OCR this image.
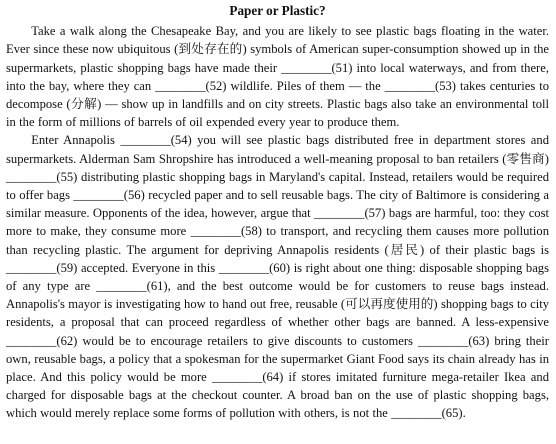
Paper or Plastic?

Take a walk along the Chesapeake Bay, and you are likely to see plastic bags floating in the water. Ever since these now ubiquitous (到处存在的) symbols of American super-consumption showed up in the supermarkets, plastic shopping bags have made their ________(51) into local waterways, and from there, into the bay, where they can ________(52) wildlife. Piles of them — the ________(53) takes centuries to decompose (分解) — show up in landfills and on city streets. Plastic bags also take an environmental toll in the form of millions of barrels of oil expended every year to produce them.

Enter Annapolis ________(54) you will see plastic bags distributed free in department stores and supermarkets. Alderman Sam Shropshire has introduced a well-meaning proposal to ban retailers (零售商) ________(55) distributing plastic shopping bags in Maryland's capital. Instead, retailers would be required to offer bags ________(56) recycled paper and to sell reusable bags. The city of Baltimore is considering a similar measure. Opponents of the idea, however, argue that ________(57) bags are harmful, too: they cost more to make, they consume more ________(58) to transport, and recycling them causes more pollution than recycling plastic. The argument for depriving Annapolis residents (居民) of their plastic bags is ________(59) accepted. Everyone in this ________(60) is right about one thing: disposable shopping bags of any type are ________(61), and the best outcome would be for customers to reuse bags instead. Annapolis's mayor is investigating how to hand out free, reusable (可以再度使用的) shopping bags to city residents, a proposal that can proceed regardless of whether other bags are banned. A less-expensive ________(62) would be to encourage retailers to give discounts to customers ________(63) bring their own, reusable bags, a policy that a spokesman for the supermarket Giant Food says its chain already has in place. And this policy would be more ________(64) if stores imitated furniture mega-retailer Ikea and charged for disposable bags at the checkout counter. A broad ban on the use of plastic shopping bags, which would merely replace some forms of pollution with others, is not the ________(65).
